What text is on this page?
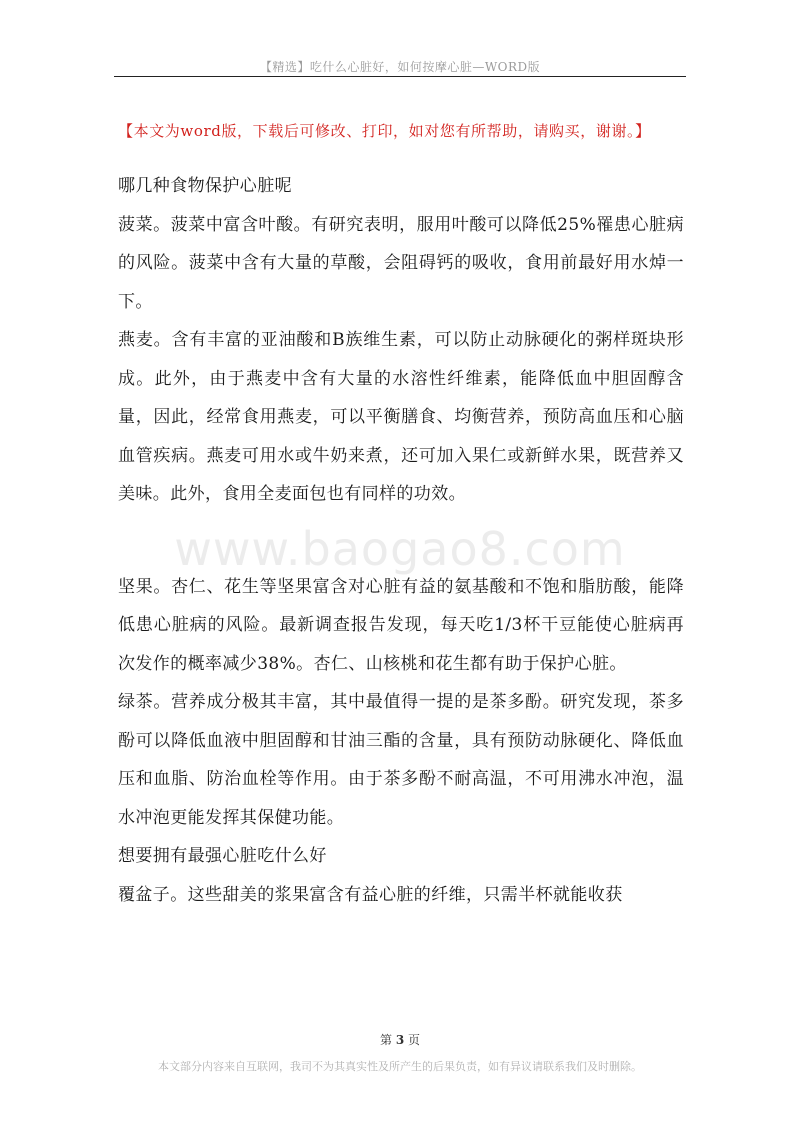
【精选】吃什么心脏好，如何按摩心脏—WORD版
【本文为word版，下载后可修改、打印，如对您有所帮助，请购买，谢谢。】
www.baogao8.com

哪几种食物保护心脏呢

菠菜。菠菜中富含叶酸。有研究表明，服用叶酸可以降低25%罹患心脏病的风险。菠菜中含有大量的草酸，会阻碍钙的吸收，食用前最好用水焯一下。

燕麦。含有丰富的亚油酸和B族维生素，可以防止动脉硬化的粥样斑块形成。此外，由于燕麦中含有大量的水溶性纤维素，能降低血中胆固醇含量，因此，经常食用燕麦，可以平衡膳食、均衡营养，预防高血压和心脑血管疾病。燕麦可用水或牛奶来煮，还可加入果仁或新鲜水果，既营养又美味。此外，食用全麦面包也有同样的功效。

坚果。杏仁、花生等坚果富含对心脏有益的氨基酸和不饱和脂肪酸，能降低患心脏病的风险。最新调查报告发现，每天吃1/3杯干豆能使心脏病再次发作的概率减少38%。杏仁、山核桃和花生都有助于保护心脏。

绿茶。营养成分极其丰富，其中最值得一提的是茶多酚。研究发现，茶多酚可以降低血液中胆固醇和甘油三酯的含量，具有预防动脉硬化、降低血压和血脂、防治血栓等作用。由于茶多酚不耐高温，不可用沸水冲泡，温水冲泡更能发挥其保健功能。

想要拥有最强心脏吃什么好

覆盆子。这些甜美的浆果富含有益心脏的纤维，只需半杯就能收获

第 3 页
本文部分内容来自互联网，我司不为其真实性及所产生的后果负责，如有异议请联系我们及时删除。
